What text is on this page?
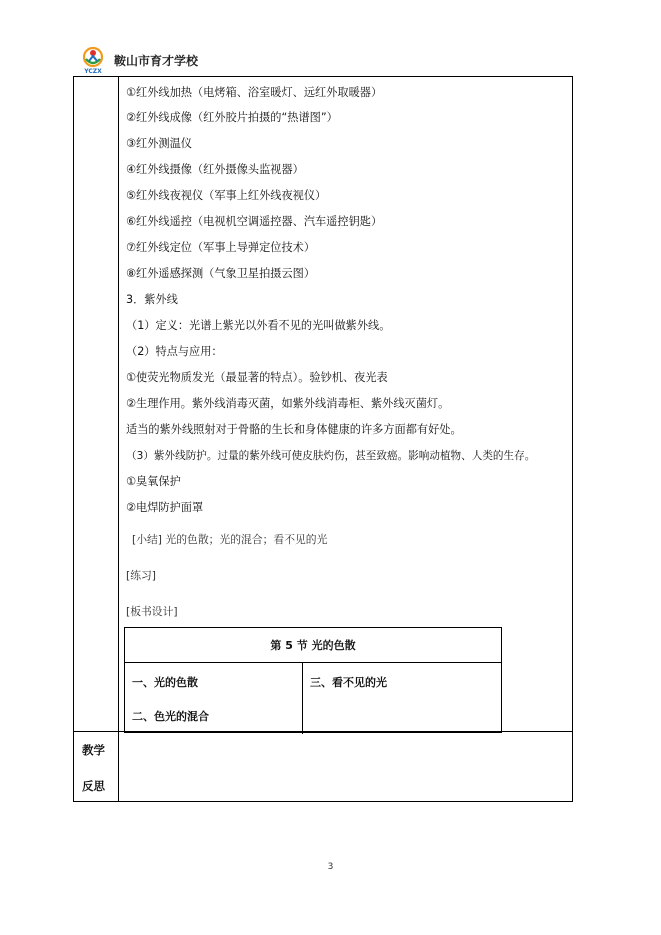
YCZX
鞍山市育才学校
①红外线加热（电烤箱、浴室暖灯、远红外取暖器）
②红外线成像（红外胶片拍摄的“热谱图”）
③红外测温仪
④红外线摄像（红外摄像头监视器）
⑤红外线夜视仪（军事上红外线夜视仪）
⑥红外线遥控（电视机空调遥控器、汽车遥控钥匙）
⑦红外线定位（军事上导弹定位技术）
⑧红外遥感探测（气象卫星拍摄云图）
3．紫外线
（1）定义：光谱上紫光以外看不见的光叫做紫外线。
（2）特点与应用：
①使荧光物质发光（最显著的特点）。验钞机、夜光表
②生理作用。紫外线消毒灭菌，如紫外线消毒柜、紫外线灭菌灯。
适当的紫外线照射对于骨骼的生长和身体健康的许多方面都有好处。
（3）紫外线防护。过量的紫外线可使皮肤灼伤，甚至致癌。影响动植物、人类的生存。
①臭氧保护
②电焊防护面罩
[小结] 光的色散；光的混合；看不见的光
[练习]
[板书设计]
第 5 节 光的色散
一、光的色散
二、色光的混合
三、看不见的光
教学
反思
3
